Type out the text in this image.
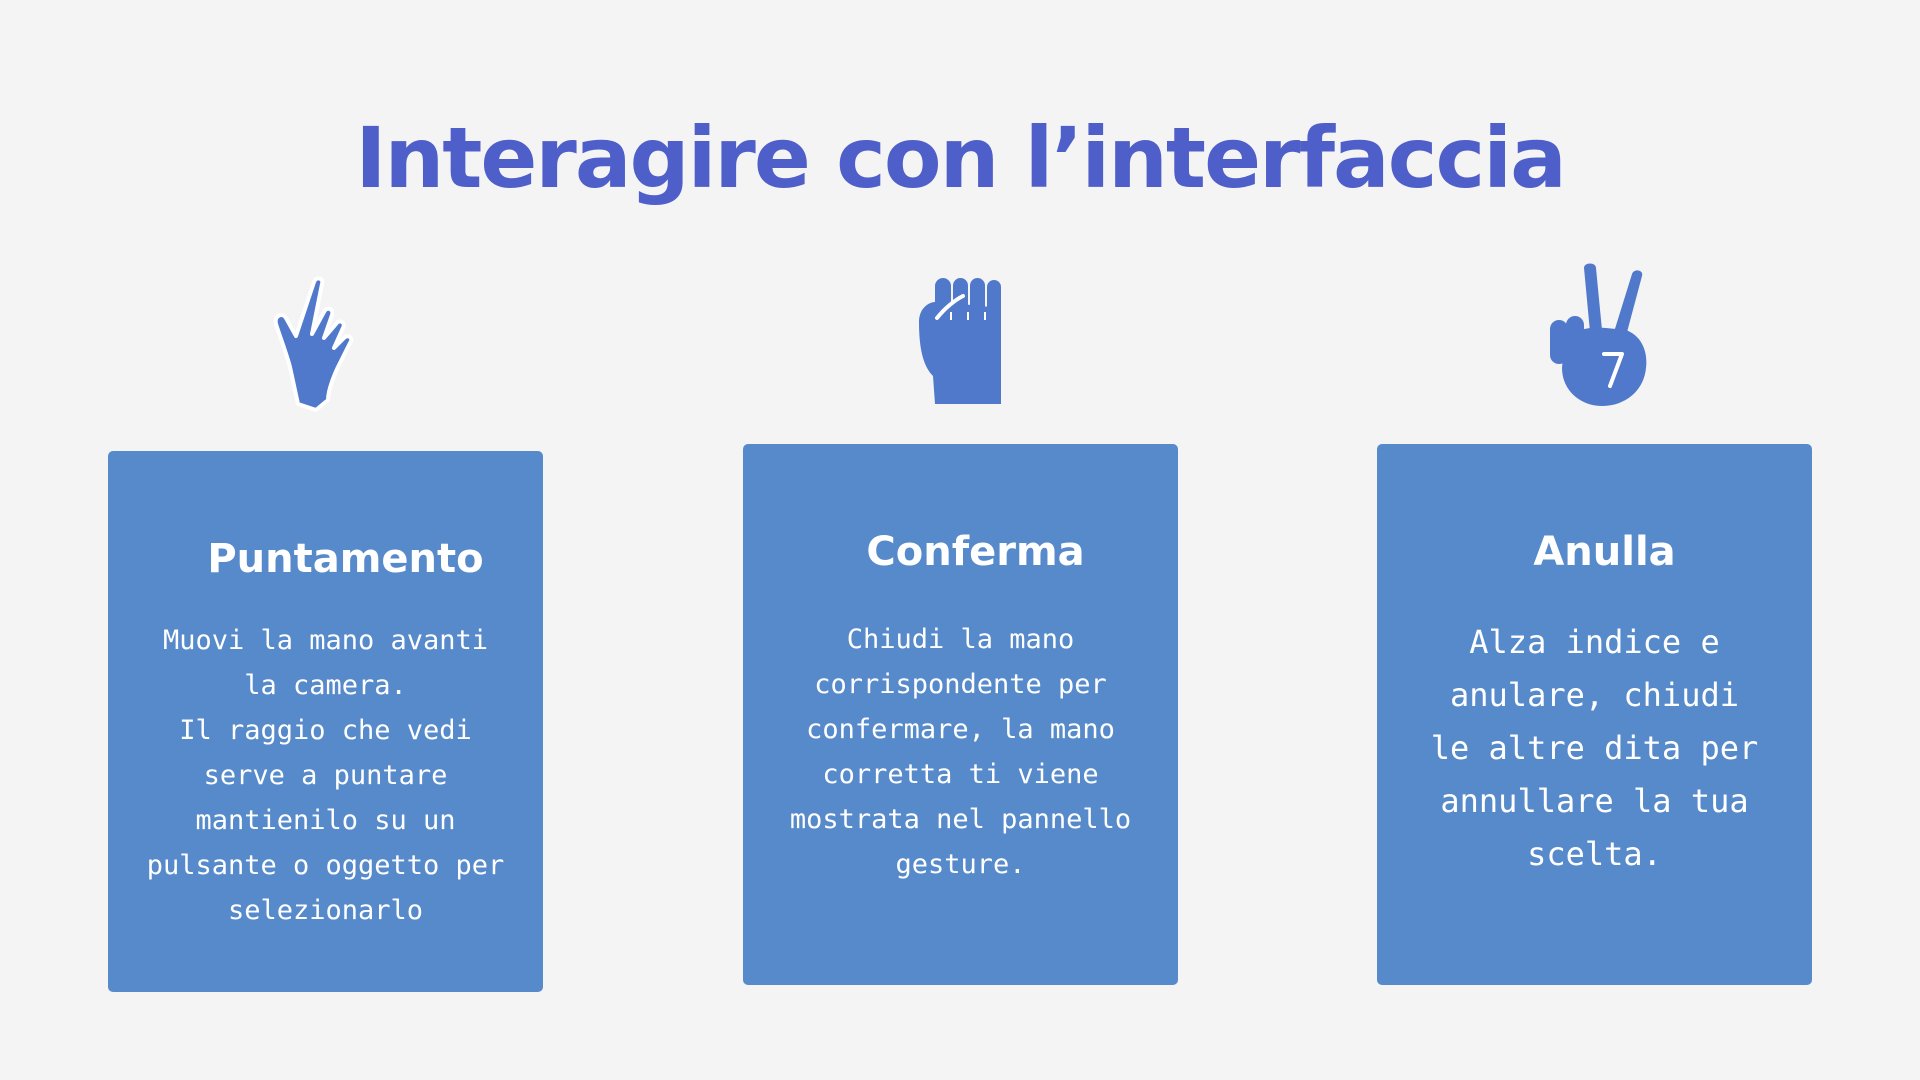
Interagire con l’interfaccia
Puntamento

Muovi la mano avanti
la camera.
Il raggio che vedi
serve a puntare
mantienilo su un
pulsante o oggetto per
selezionarlo

Conferma

Chiudi la mano
corrispondente per
confermare, la mano
corretta ti viene
mostrata nel pannello
gesture.

Anulla

Alza indice e
anulare, chiudi
le altre dita per
annullare la tua
scelta.
